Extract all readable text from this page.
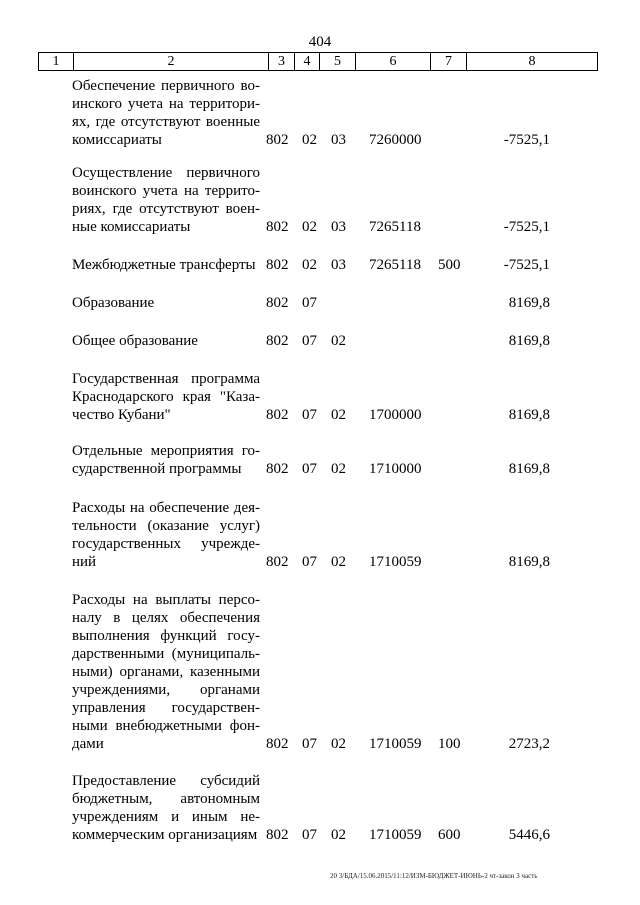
404
1	2	3	4	5	6	7	8
Обеспечение первичного во-
инского учета на территори-
ях, где отсутствуют военные
комиссариаты	802 02 03 7260000	-7525,1
Осуществление первичного
воинского учета на террито-
риях, где отсутствуют воен-
ные комиссариаты	802 02 03 7265118	-7525,1
Межбюджетные трансферты 802 02 03 7265118 500	-7525,1
Образование	802 07	8169,8
Общее образование	802 07 02	8169,8
Государственная программа
Краснодарского края "Каза-
чество Кубани"	802 07 02 1700000	8169,8
Отдельные мероприятия го-
сударственной программы	802 07 02 1710000	8169,8
Расходы на обеспечение дея-
тельности (оказание услуг)
государственных учрежде-
ний	802 07 02 1710059	8169,8
Расходы на выплаты персо-
налу в целях обеспечения
выполнения функций госу-
дарственными (муниципаль-
ными) органами, казенными
учреждениями, органами
управления государствен-
ными внебюджетными фон-
дами	802 07 02 1710059 100	2723,2
Предоставление субсидий
бюджетным, автономным
учреждениям и иным не-
коммерческим организациям 802 07 02 1710059 600	5446,6
20 3/БДА/15.06.2015/11:12/ИЗМ-БЮДЖЕТ-ИЮНЬ-2 чт-закон 3 часть
